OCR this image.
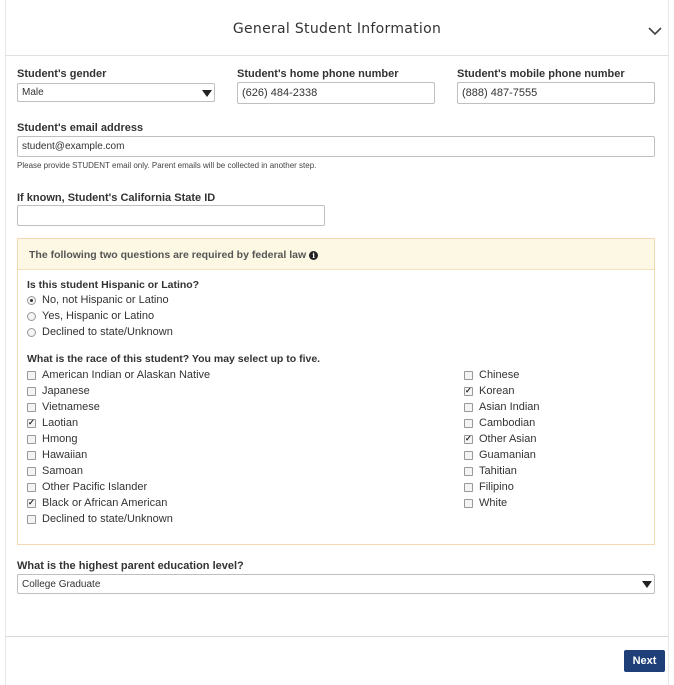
General Student Information
Student's gender
Male
Student's home phone number
(626) 484-2338
Student's mobile phone number
(888) 487-7555
Student's email address
student@example.com
Please provide STUDENT email only. Parent emails will be collected in another step.
If known, Student's California State ID
The following two questions are required by federal law i
Is this student Hispanic or Latino?
No, not Hispanic or Latino
Yes, Hispanic or Latino
Declined to state/Unknown
What is the race of this student? You may select up to five.
American Indian or Alaskan Native
Japanese
Vietnamese
✓
Laotian
Hmong
Hawaiian
Samoan
Other Pacific Islander
✓
Black or African American
Declined to state/Unknown
Chinese
✓
Korean
Asian Indian
Cambodian
✓
Other Asian
Guamanian
Tahitian
Filipino
White
What is the highest parent education level?
College Graduate
Next
